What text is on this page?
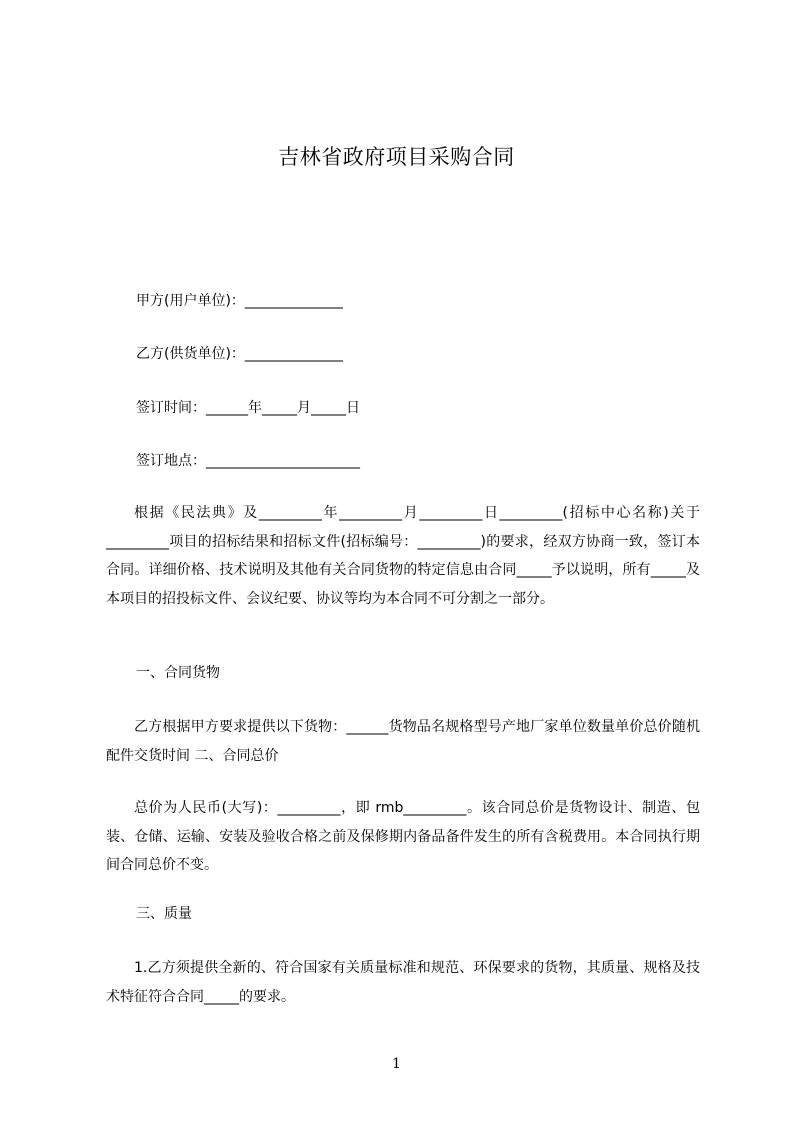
吉林省政府项目采购合同
甲方(用户单位)：______________
乙方(供货单位)：______________
签订时间：______年_____月_____日
签订地点：______________________
根据《民法典》及_________年_________月_________日_________(招标中心名称)关于_________项目的招标结果和招标文件(招标编号：_________)的要求，经双方协商一致，签订本合同。详细价格、技术说明及其他有关合同货物的特定信息由合同_____予以说明，所有_____及本项目的招投标文件、会议纪要、协议等均为本合同不可分割之一部分。
一、合同货物
乙方根据甲方要求提供以下货物：______货物品名规格型号产地厂家单位数量单价总价随机配件交货时间 二、合同总价
总价为人民币(大写)：_________，即 rmb_________。该合同总价是货物设计、制造、包装、仓储、运输、安装及验收合格之前及保修期内备品备件发生的所有含税费用。本合同执行期间合同总价不变。
三、质量
1.乙方须提供全新的、符合国家有关质量标准和规范、环保要求的货物，其质量、规格及技术特征符合合同_____的要求。
1
